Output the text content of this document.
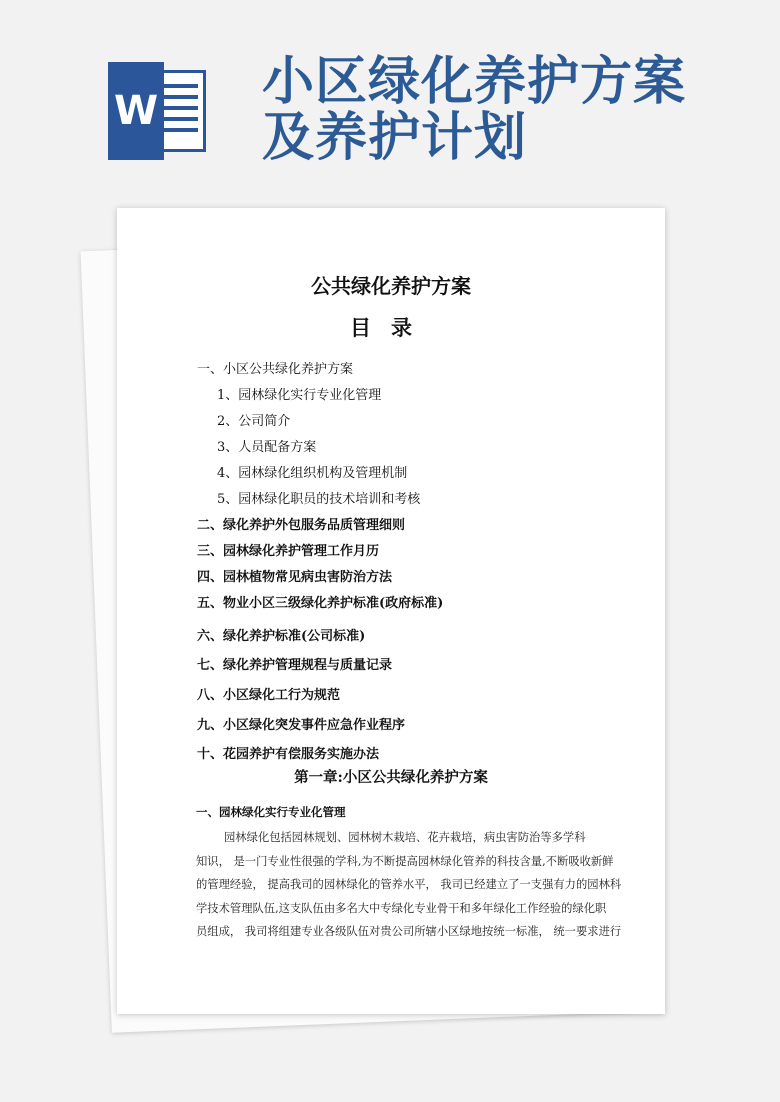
W 小区绿化养护方案
及养护计划
公共绿化养护方案
目录
一、小区公共绿化养护方案
1、园林绿化实行专业化管理
2、公司简介
3、人员配备方案
4、园林绿化组织机构及管理机制
5、园林绿化职员的技术培训和考核
二、绿化养护外包服务品质管理细则
三、园林绿化养护管理工作月历
四、园林植物常见病虫害防治方法
五、物业小区三级绿化养护标准(政府标准)
六、绿化养护标准(公司标准)
七、绿化养护管理规程与质量记录
八、小区绿化工行为规范
九、小区绿化突发事件应急作业程序
十、花园养护有偿服务实施办法
第一章:小区公共绿化养护方案
一、园林绿化实行专业化管理
园林绿化包括园林规划、园林树木栽培、花卉栽培，病虫害防治等多学科
知识， 是一门专业性很强的学科,为不断提高园林绿化管养的科技含量,不断吸收新鲜
的管理经验， 提高我司的园林绿化的管养水平， 我司已经建立了一支强有力的园林科
学技术管理队伍,这支队伍由多名大中专绿化专业骨干和多年绿化工作经验的绿化职
员组成， 我司将组建专业各级队伍对贵公司所辖小区绿地按统一标准， 统一要求进行
